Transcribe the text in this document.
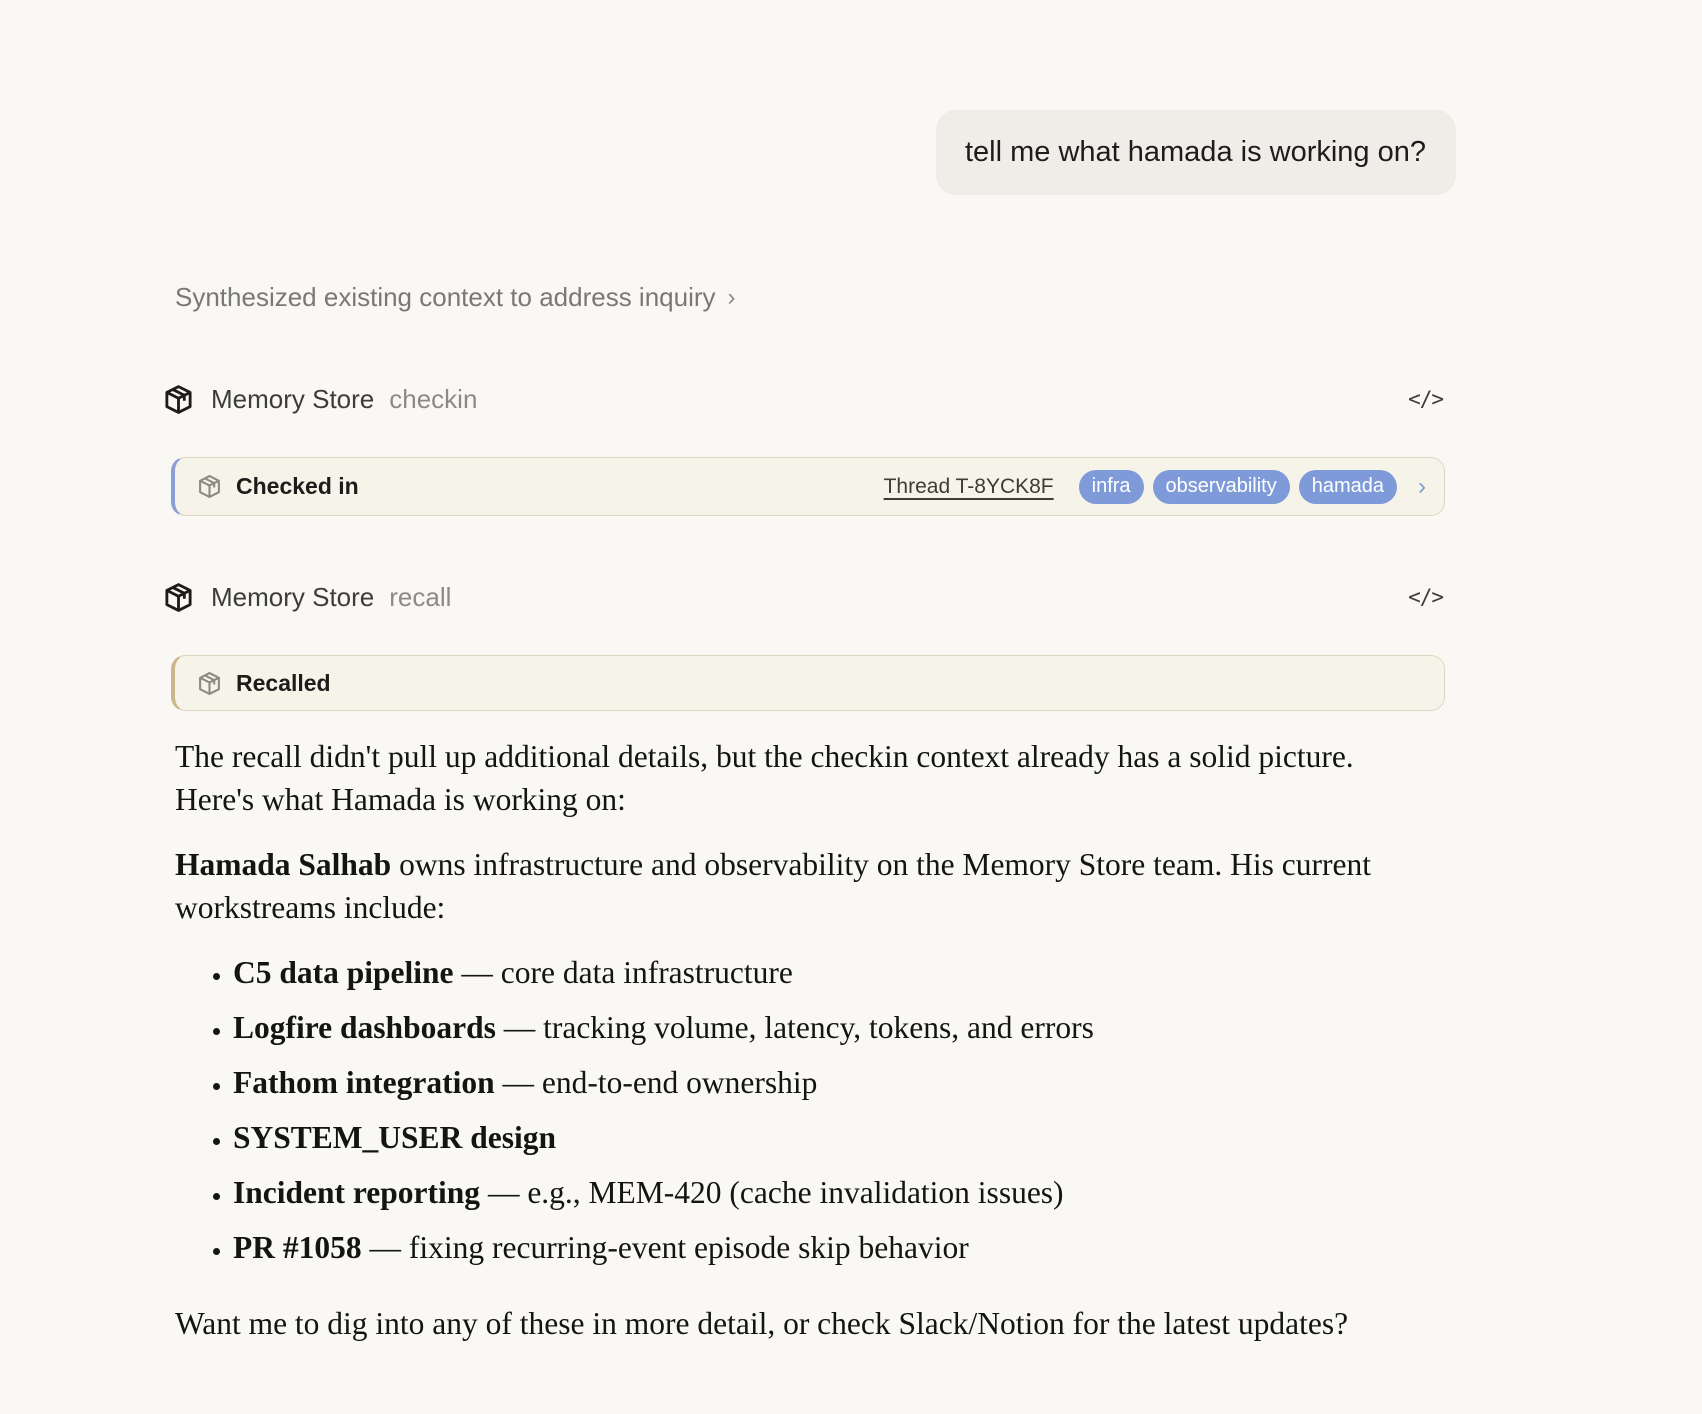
tell me what hamada is working on?
Synthesized existing context to address inquiry ›
Memory Store checkin	</>
Checked in	Thread T-8YCK8F	infra	observability	hamada	›
Memory Store recall	</>
Recalled

The recall didn't pull up additional details, but the checkin context already has a solid picture. Here's what Hamada is working on:

Hamada Salhab owns infrastructure and observability on the Memory Store team. His current workstreams include:

• C5 data pipeline — core data infrastructure
• Logfire dashboards — tracking volume, latency, tokens, and errors
• Fathom integration — end-to-end ownership
• SYSTEM_USER design
• Incident reporting — e.g., MEM-420 (cache invalidation issues)
• PR #1058 — fixing recurring-event episode skip behavior

Want me to dig into any of these in more detail, or check Slack/Notion for the latest updates?
